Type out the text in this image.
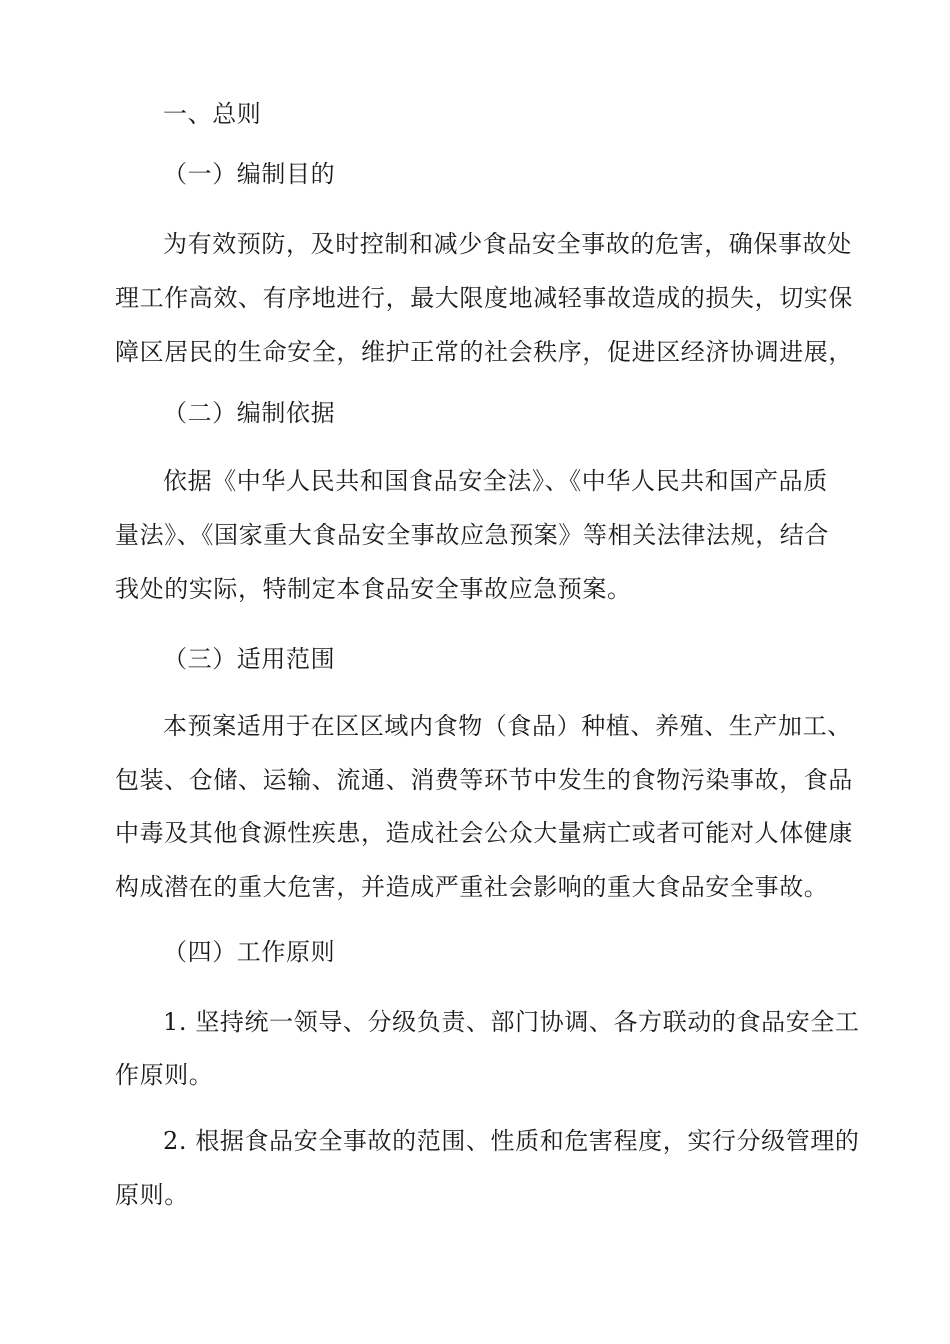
一、总则
（一）编制目的
为有效预防，及时控制和减少食品安全事故的危害，确保事故处
理工作高效、有序地进行，最大限度地减轻事故造成的损失，切实保
障区居民的生命安全，维护正常的社会秩序，促进区经济协调进展，
（二）编制依据
依据《中华人民共和国食品安全法》、《中华人民共和国产品质
量法》、《国家重大食品安全事故应急预案》等相关法律法规，结合
我处的实际，特制定本食品安全事故应急预案。
（三）适用范围
本预案适用于在区区域内食物（食品）种植、养殖、生产加工、
包装、仓储、运输、流通、消费等环节中发生的食物污染事故，食品
中毒及其他食源性疾患，造成社会公众大量病亡或者可能对人体健康
构成潜在的重大危害，并造成严重社会影响的重大食品安全事故。
（四）工作原则
1. 坚持统一领导、分级负责、部门协调、各方联动的食品安全工
作原则。
2. 根据食品安全事故的范围、性质和危害程度，实行分级管理的
原则。
